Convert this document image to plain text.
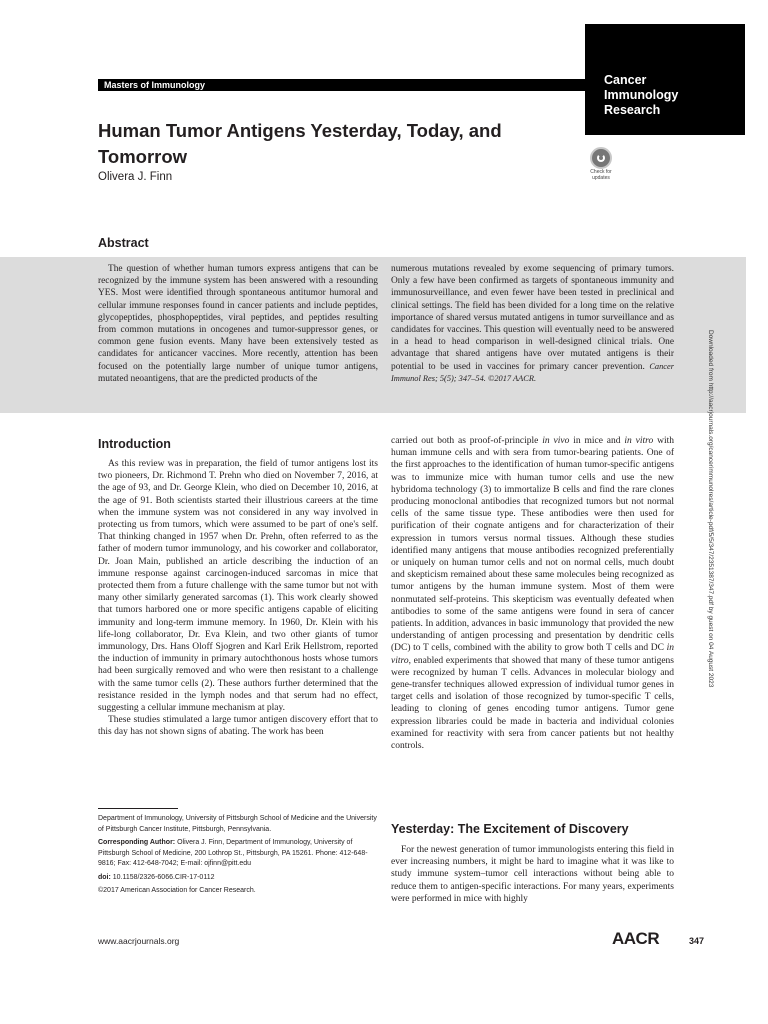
Cancer
Immunology
Research
Masters of Immunology
Human Tumor Antigens Yesterday, Today, and Tomorrow
Olivera J. Finn	Check for updates
Abstract

The question of whether human tumors express antigens that can be recognized by the immune system has been answered with a resounding YES. Most were identified through spontaneous antitumor humoral and cellular immune responses found in cancer patients and include peptides, glycopeptides, phosphopeptides, viral peptides, and peptides resulting from common mutations in oncogenes and tumor-suppressor genes, or common gene fusion events. Many have been extensively tested as candidates for anticancer vaccines. More recently, attention has been focused on the potentially large number of unique tumor antigens, mutated neoantigens, that are the predicted products of the

numerous mutations revealed by exome sequencing of primary tumors. Only a few have been confirmed as targets of spontaneous immunity and immunosurveillance, and even fewer have been tested in preclinical and clinical settings. The field has been divided for a long time on the relative importance of shared versus mutated antigens in tumor surveillance and as candidates for vaccines. This question will eventually need to be answered in a head to head comparison in well-designed clinical trials. One advantage that shared antigens have over mutated antigens is their potential to be used in vaccines for primary cancer prevention. Cancer Immunol Res; 5(5); 347–54. ©2017 AACR.	Downloaded from http://aacrjournals.org/cancerimmunolres/article-pdf/5/5/347/2351387/347.pdf by guest on 04 August 2023
Introduction

As this review was in preparation, the field of tumor antigens lost its two pioneers, Dr. Richmond T. Prehn who died on November 7, 2016, at the age of 93, and Dr. George Klein, who died on December 10, 2016, at the age of 91. Both scientists started their illustrious careers at the time when the immune system was not considered in any way involved in protecting us from tumors, which were assumed to be part of one's self. That thinking changed in 1957 when Dr. Prehn, often referred to as the father of modern tumor immunology, and his coworker and collaborator, Dr. Joan Main, published an article describing the induction of an immune response against carcinogen-induced sarcomas in mice that protected them from a future challenge with the same tumor but not with many other similarly generated sarcomas (1). This work clearly showed that tumors harbored one or more specific antigens capable of eliciting immunity and long-term immune memory. In 1960, Dr. Klein with his life-long collaborator, Dr. Eva Klein, and two other giants of tumor immunology, Drs. Hans Oloff Sjogren and Karl Erik Hellstrom, reported the induction of immunity in primary autochthonous hosts whose tumors had been surgically removed and who were then resistant to a challenge with the same tumor cells (2). These authors further determined that the resistance resided in the lymph nodes and that serum had no effect, suggesting a cellular immune mechanism at play.

These studies stimulated a large tumor antigen discovery effort that to this day has not shown signs of abating. The work has been

carried out both as proof-of-principle in vivo in mice and in vitro with human immune cells and with sera from tumor-bearing patients. One of the first approaches to the identification of human tumor-specific antigens was to immunize mice with human tumor cells and use the new hybridoma technology (3) to immortalize B cells and find the rare clones producing monoclonal antibodies that recognized tumors but not normal cells of the same tissue type. These antibodies were then used for purification of their cognate antigens and for characterization of their expression in tumors versus normal tissues. Although these studies identified many antigens that mouse antibodies recognized preferentially or uniquely on human tumor cells and not on normal cells, much doubt and skepticism remained about these same molecules being recognized as tumor antigens by the human immune system. Most of them were nonmutated self-proteins. This skepticism was eventually defeated when antibodies to some of the same antigens were found in sera of cancer patients. In addition, advances in basic immunology that provided the new understanding of antigen processing and presentation by dendritic cells (DC) to T cells, combined with the ability to grow both T cells and DC in vitro, enabled experiments that showed that many of these tumor antigens were recognized by human T cells. Advances in molecular biology and gene-transfer techniques allowed expression of individual tumor genes in target cells and isolation of those recognized by tumor-specific T cells, leading to cloning of genes encoding tumor antigens. Tumor gene expression libraries could be made in bacteria and individual colonies examined for reactivity with sera from cancer patients but not healthy controls.

Department of Immunology, University of Pittsburgh School of Medicine and the University of Pittsburgh Cancer Institute, Pittsburgh, Pennsylvania.
Corresponding Author: Olivera J. Finn, Department of Immunology, University of Pittsburgh School of Medicine, 200 Lothrop St., Pittsburgh, PA 15261. Phone: 412-648-9816; Fax: 412-648-7042; E-mail: ojfinn@pitt.edu
doi: 10.1158/2326-6066.CIR-17-0112
©2017 American Association for Cancer Research.
Yesterday: The Excitement of Discovery

For the newest generation of tumor immunologists entering this field in ever increasing numbers, it might be hard to imagine what it was like to study immune system–tumor cell interactions without being able to reduce them to antigen-specific interactions. For many years, experiments were performed in mice with highly

www.aacrjournals.org	AACR	347
